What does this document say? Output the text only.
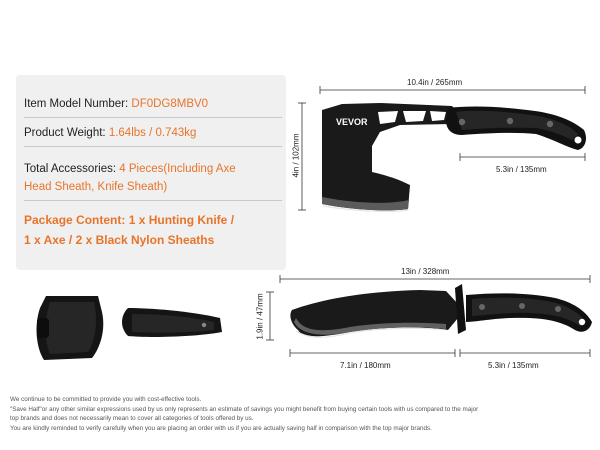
Item Model Number: DF0DG8MBV0
Product Weight: 1.64lbs / 0.743kg
Total Accessories: 4 Pieces(Including Axe
Head Sheath, Knife Sheath)
Package Content: 1 x Hunting Knife /
1 x Axe / 2 x Black Nylon Sheaths
VEVOR
10.4in / 265mm
4in / 102mm	5.3in / 135mm
13in / 328mm
1.9in / 47mm
7.1in / 180mm	5.3in / 135mm
We continue to be committed to provide you with cost-effective tools.
"Save Half"or any other similar expressions used by us only represents an estimate of savings you might benefit from buying certain tools with us compared to the major
top brands and does not necessarily mean to cover all categories of tools offered by us.
You are kindly reminded to verify carefully when you are placing an order with us if you are actually saving half in comparison with the top major brands.
